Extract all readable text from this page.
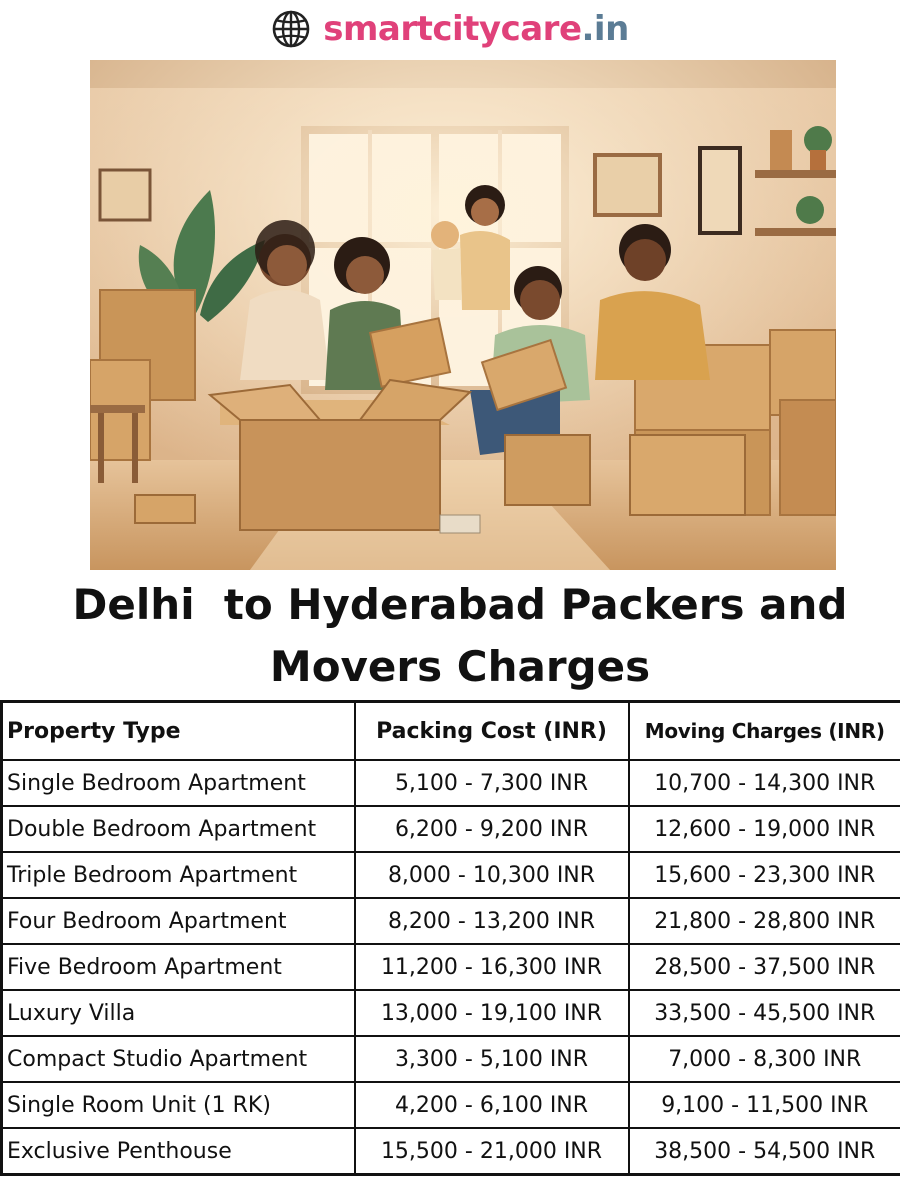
smartcitycare.in
Delhi  to Hyderabad Packers and
Movers Charges
Property Type	Packing Cost (INR)	Moving Charges (INR)
Single Bedroom Apartment	5,100 - 7,300 INR	10,700 - 14,300 INR
Double Bedroom Apartment	6,200 - 9,200 INR	12,600 - 19,000 INR
Triple Bedroom Apartment	8,000 - 10,300 INR	15,600 - 23,300 INR
Four Bedroom Apartment	8,200 - 13,200 INR	21,800 - 28,800 INR
Five Bedroom Apartment	11,200 - 16,300 INR	28,500 - 37,500 INR
Luxury Villa	13,000 - 19,100 INR	33,500 - 45,500 INR
Compact Studio Apartment	3,300 - 5,100 INR	7,000 - 8,300 INR
Single Room Unit (1 RK)	4,200 - 6,100 INR	9,100 - 11,500 INR
Exclusive Penthouse	15,500 - 21,000 INR	38,500 - 54,500 INR
